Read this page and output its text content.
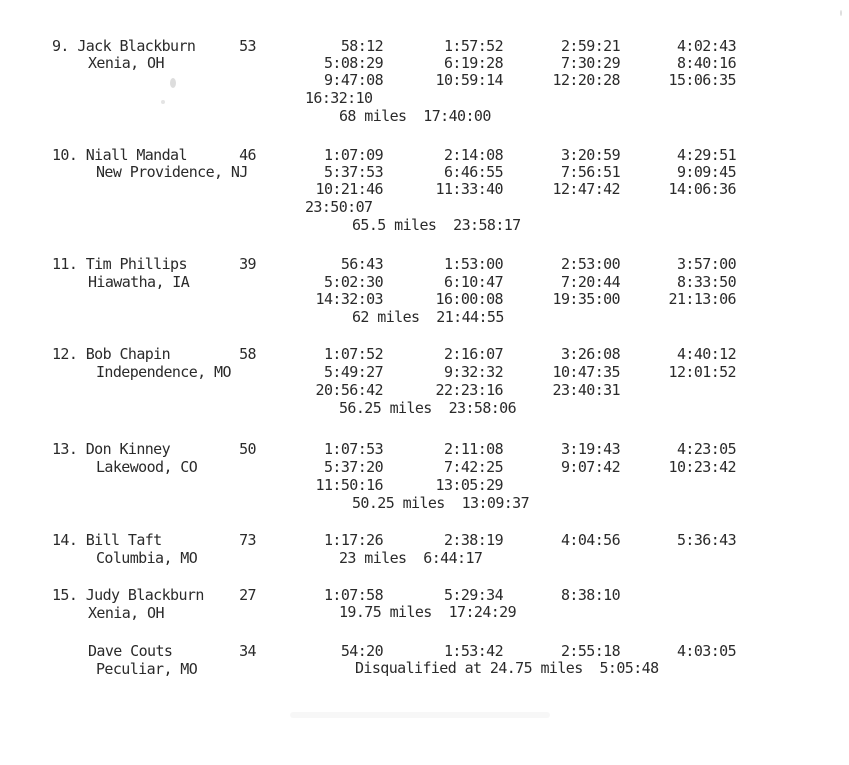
9. Jack Blackburn	53
Xenia, OH
58:12	1:57:52	2:59:21	4:02:43
5:08:29	6:19:28	7:30:29	8:40:16
9:47:08	10:59:14	12:20:28	15:06:35
16:32:10
68 miles  17:40:00
10. Niall Mandal	46
New Providence, NJ
1:07:09	2:14:08	3:20:59	4:29:51
5:37:53	6:46:55	7:56:51	9:09:45
10:21:46	11:33:40	12:47:42	14:06:36
23:50:07
65.5 miles  23:58:17
11. Tim Phillips	39
Hiawatha, IA
56:43	1:53:00	2:53:00	3:57:00
5:02:30	6:10:47	7:20:44	8:33:50
14:32:03	16:00:08	19:35:00	21:13:06
62 miles  21:44:55
12. Bob Chapin	58
Independence, MO
1:07:52	2:16:07	3:26:08	4:40:12
5:49:27	9:32:32	10:47:35	12:01:52
20:56:42	22:23:16	23:40:31
56.25 miles  23:58:06
13. Don Kinney	50
Lakewood, CO
1:07:53	2:11:08	3:19:43	4:23:05
5:37:20	7:42:25	9:07:42	10:23:42
11:50:16	13:05:29
50.25 miles  13:09:37
14. Bill Taft	73
Columbia, MO
1:17:26	2:38:19	4:04:56	5:36:43
23 miles  6:44:17
15. Judy Blackburn	27
Xenia, OH
1:07:58	5:29:34	8:38:10
19.75 miles  17:24:29
Dave Couts	34
Peculiar, MO
54:20	1:53:42	2:55:18	4:03:05
Disqualified at 24.75 miles  5:05:48
